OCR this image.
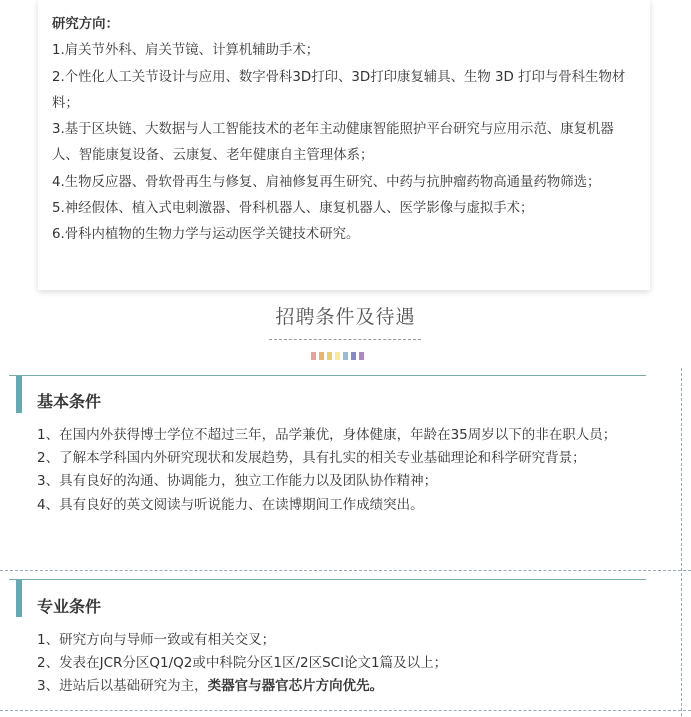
研究方向：

1.肩关节外科、肩关节镜、计算机辅助手术；

2.个性化人工关节设计与应用、数字骨科3D打印、3D打印康复辅具、生物 3D 打印与骨科生物材料；

3.基于区块链、大数据与人工智能技术的老年主动健康智能照护平台研究与应用示范、康复机器人、智能康复设备、云康复、老年健康自主管理体系；

4.生物反应器、骨软骨再生与修复、肩袖修复再生研究、中药与抗肿瘤药物高通量药物筛选；

5.神经假体、植入式电刺激器、骨科机器人、康复机器人、医学影像与虚拟手术；

6.骨科内植物的生物力学与运动医学关键技术研究。

招聘条件及待遇
基本条件

1、在国内外获得博士学位不超过三年，品学兼优，身体健康，年龄在35周岁以下的非在职人员；

2、了解本学科国内外研究现状和发展趋势，具有扎实的相关专业基础理论和科学研究背景；

3、具有良好的沟通、协调能力，独立工作能力以及团队协作精神；

4、具有良好的英文阅读与听说能力、在读博期间工作成绩突出。

专业条件

1、研究方向与导师一致或有相关交叉；

2、发表在JCR分区Q1/Q2或中科院分区1区/2区SCI论文1篇及以上；

3、进站后以基础研究为主，类器官与器官芯片方向优先。
